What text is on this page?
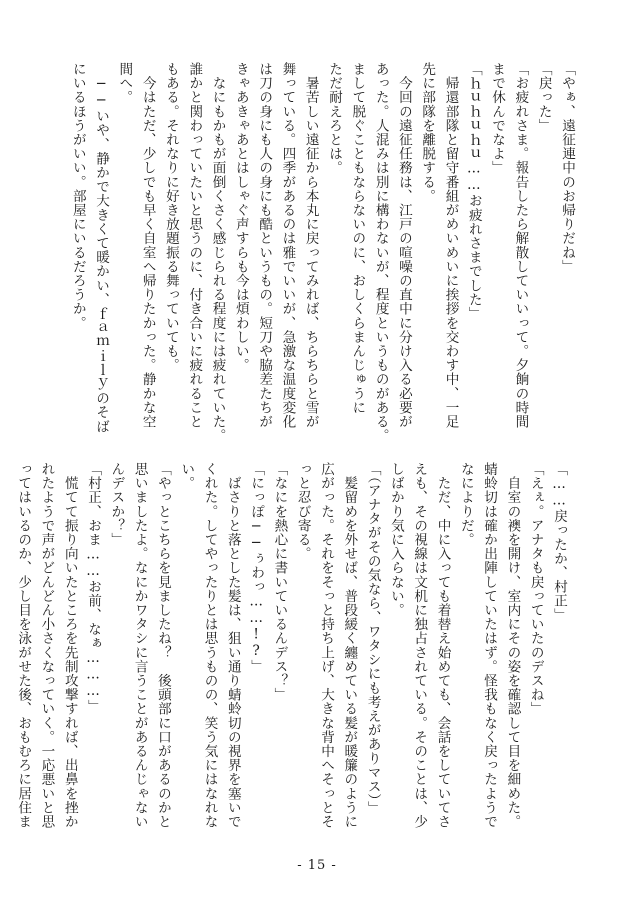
「やぁ、遠征連中のお帰りだね」
「戻った」
「お疲れさま。報告したら解散していいって。夕餉の時間
まで休んでなよ」
「ｈｕｈｕｈｕ……お疲れさまでした」
　帰還部隊と留守番組がめいめいに挨拶を交わす中、一足
先に部隊を離脱する。
　今回の遠征任務は、江戸の喧噪の直中に分け入る必要が
あった。人混みは別に構わないが、程度というものがある。
まして脱ぐこともならないのに、おしくらまんじゅうに
ただ耐えろとは。
　暑苦しい遠征から本丸に戻ってみれば、ちらちらと雪が
舞っている。四季があるのは雅でいいが、急激な温度変化
は刀の身にも人の身にも酷というもの。短刀や脇差たちが
きゃあきゃあとはしゃぐ声すらも今は煩わしい。
　なにもかもが面倒くさく感じられる程度には疲れていた。
誰かと関わっていたいと思うのに、付き合いに疲れること
もある。それなりに好き放題振る舞っていても。
　今はただ、少しでも早く自室へ帰りたかった。静かな空
間へ。
　──いや、静かで大きくて暖かい、ｆａｍｉｌｙのそば
にいるほうがいい。部屋にいるだろうか。
「……戻ったか、村正」
「えぇ。アナタも戻っていたのデスね」
　自室の襖を開け、室内にその姿を確認して目を細めた。
蜻蛉切は確か出陣していたはず。怪我もなく戻ったようで
なによりだ。
　ただ、中に入っても着替え始めても、会話をしていてさ
えも、その視線は文机に独占されている。そのことは、少
しばかり気に入らない。
「（アナタがその気なら、ワタシにも考えがありマス）」
　髪留めを外せば、普段緩く纏めている髪が暖簾のように
広がった。それをそっと持ち上げ、大きな背中へそっとそ
っと忍び寄る。
「なにを熱心に書いているんデス？」
「にっぽ──ぅわっ……!?」
　ばさりと落とした髪は、狙い通り蜻蛉切の視界を塞いで
くれた。してやったりとは思うものの、笑う気にはなれな
い。
「やっとこちらを見ましたね？　後頭部に口があるのかと
思いましたよ。なにかワタシに言うことがあるんじゃない
んデスか？」
「村正、おま……お前、なぁ………」
　慌てて振り向いたところを先制攻撃すれば、出鼻を挫か
れたようで声がどんどん小さくなっていく。一応悪いと思
ってはいるのか、少し目を泳がせた後、おもむろに居住ま
- 15 -
